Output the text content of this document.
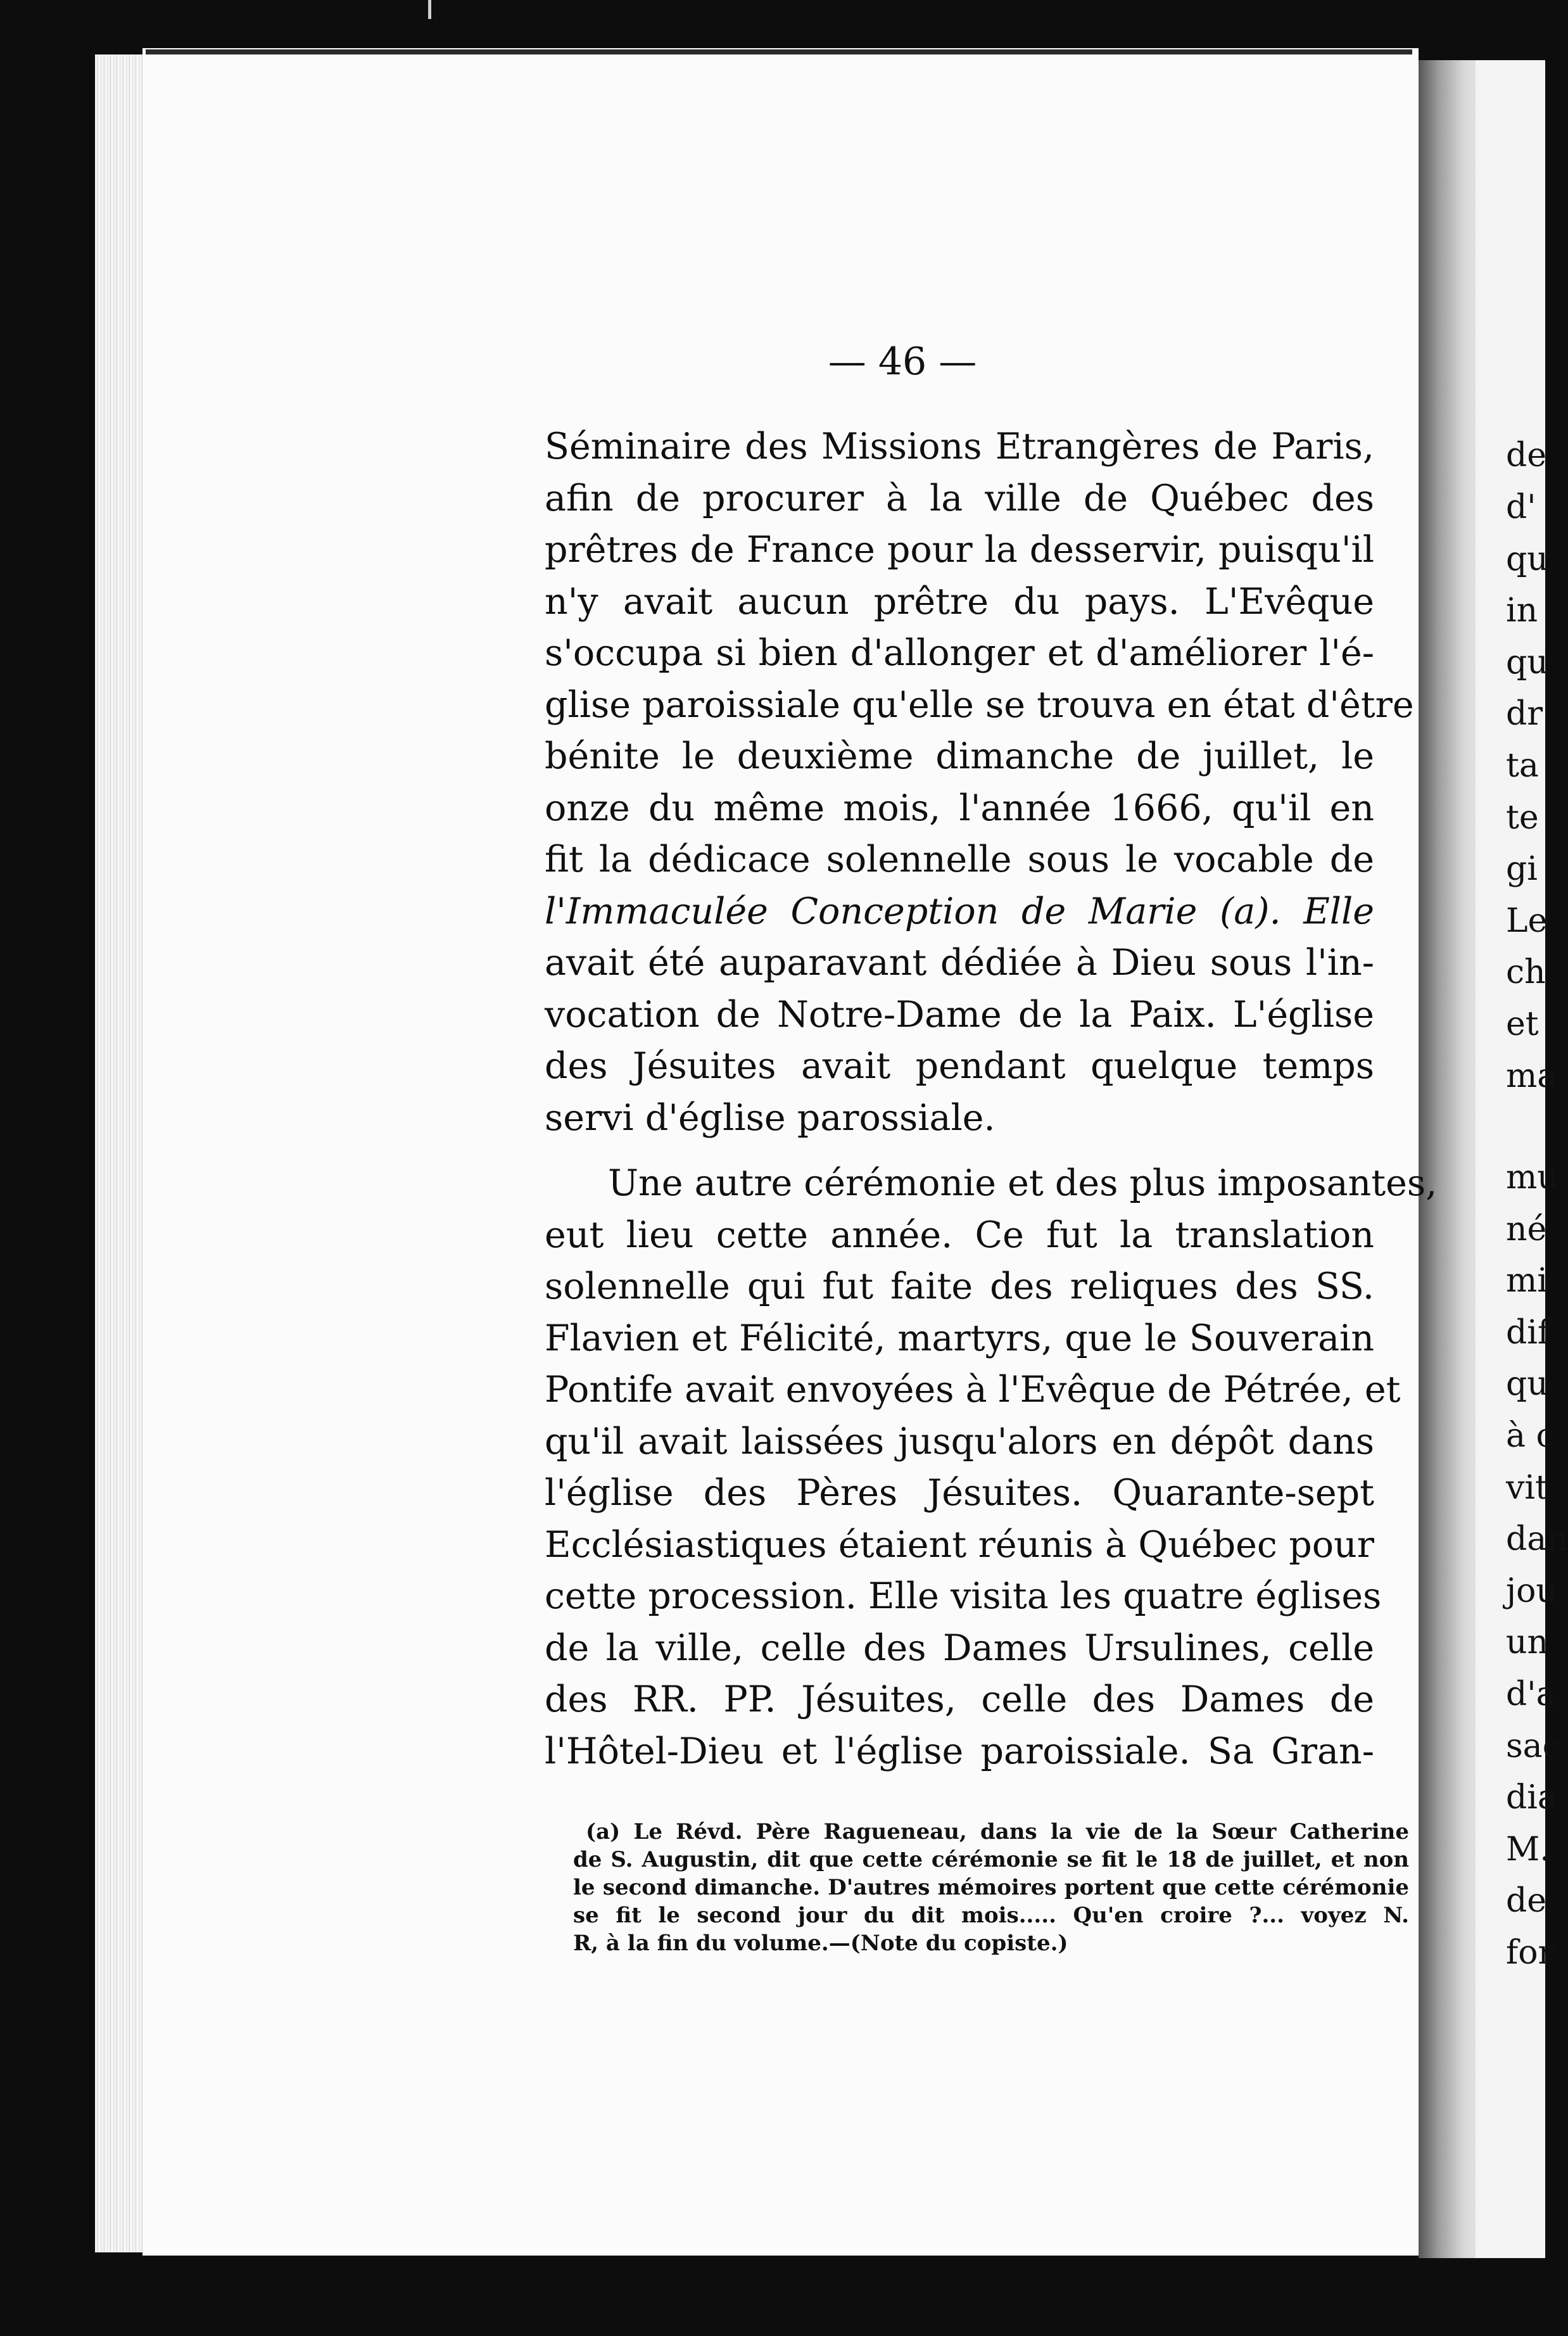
de
d'
qu
in
qu
dr
ta
te
gi
Le
ch
et
ma
mu
né
mi
dif
qu
à c
vit
dan
jou
un
d'a
sac
dia
M.
de
for
— 46 —
Séminaire des Missions Etrangères de Paris,
afin de procurer à la ville de Québec des
prêtres de France pour la desservir, puisqu'il
n'y avait aucun prêtre du pays. L'Evêque
s'occupa si bien d'allonger et d'améliorer l'é-
glise paroissiale qu'elle se trouva en état d'être
bénite le deuxième dimanche de juillet, le
onze du même mois, l'année 1666, qu'il en
fit la dédicace solennelle sous le vocable de
l'Immaculée Conception de Marie (a). Elle
avait été auparavant dédiée à Dieu sous l'in-
vocation de Notre-Dame de la Paix. L'église
des Jésuites avait pendant quelque temps
servi d'église parossiale.
Une autre cérémonie et des plus imposantes,
eut lieu cette année. Ce fut la translation
solennelle qui fut faite des reliques des SS.
Flavien et Félicité, martyrs, que le Souverain
Pontife avait envoyées à l'Evêque de Pétrée, et
qu'il avait laissées jusqu'alors en dépôt dans
l'église des Pères Jésuites. Quarante-sept
Ecclésiastiques étaient réunis à Québec pour
cette procession. Elle visita les quatre églises
de la ville, celle des Dames Ursulines, celle
des RR. PP. Jésuites, celle des Dames de
l'Hôtel-Dieu et l'église paroissiale. Sa Gran-
(a) Le Révd. Père Ragueneau, dans la vie de la Sœur Catherine
de S. Augustin, dit que cette cérémonie se fit le 18 de juillet, et non
le second dimanche. D'autres mémoires portent que cette cérémonie
se fit le second jour du dit mois..... Qu'en croire ?... voyez N.
R, à la fin du volume.—(Note du copiste.)
